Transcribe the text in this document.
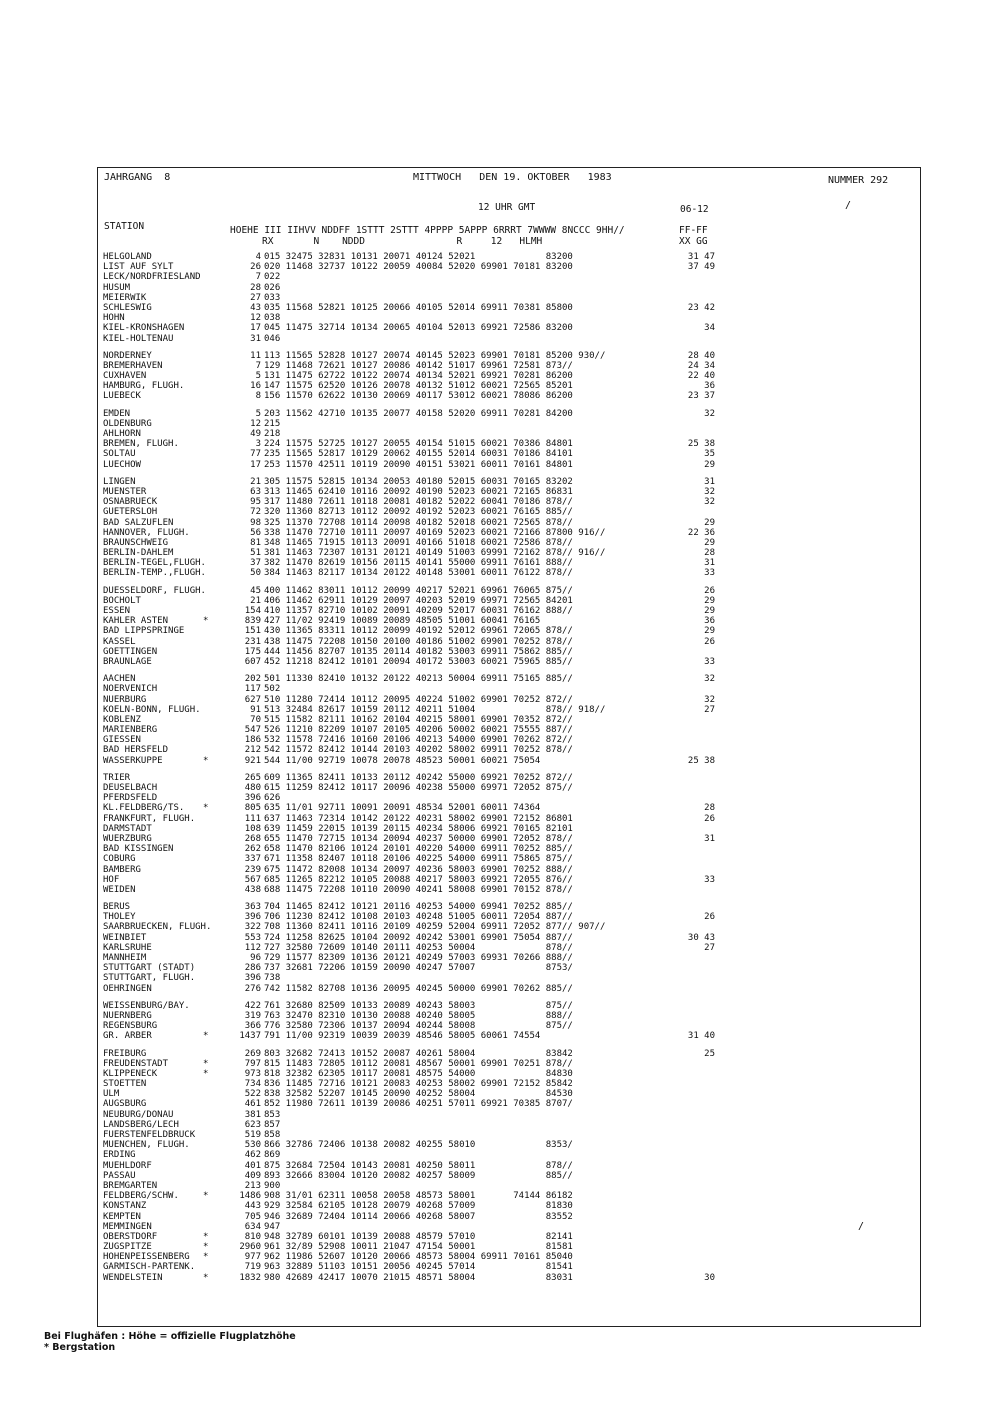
JAHRGANG  8	MITTWOCH   DEN 19. OKTOBER   1983	NUMMER 292
12 UHR GMT	06-12
STATION	HOEHE III IIHVV NDDFF 1STTT 2STTT 4PPPP 5APPP 6RRRT 7WWWW 8NCCC 9HH//
RX       N    NDDD                R     12   HLMH
FF-FF
XX GG
HELGOLAND	4 015 32475 32831 10131 20071 40124 52021             83200	31 47
LIST AUF SYLT	26 020 11468 32737 10122 20059 40084 52020 69901 70181 83200	37 49
LECK/NORDFRIESLAND	7 022
HUSUM	28 026
MEIERWIK	27 033
SCHLESWIG	43 035 11568 52821 10125 20066 40105 52014 69911 70381 85800	23 42
HOHN	12 038
KIEL-KRONSHAGEN	17 045 11475 32714 10134 20065 40104 52013 69921 72586 83200	34
KIEL-HOLTENAU	31 046
NORDERNEY	11 113 11565 52828 10127 20074 40145 52023 69901 70181 85200 930//	28 40
BREMERHAVEN	7 129 11468 72621 10127 20086 40142 51017 69961 72581 873//	24 34
CUXHAVEN	5 131 11475 62722 10122 20074 40134 52021 69921 70281 86200	22 40
HAMBURG, FLUGH.	16 147 11575 62520 10126 20078 40132 51012 60021 72565 85201	36
LUEBECK	8 156 11570 62622 10130 20069 40117 53012 60021 78086 86200	23 37
EMDEN	5 203 11562 42710 10135 20077 40158 52020 69911 70281 84200	32
OLDENBURG	12 215
AHLHORN	49 218
BREMEN, FLUGH.	3 224 11575 52725 10127 20055 40154 51015 60021 70386 84801	25 38
SOLTAU	77 235 11565 52817 10129 20062 40155 52014 60031 70186 84101	35
LUECHOW	17 253 11570 42511 10119 20090 40151 53021 60011 70161 84801	29
LINGEN	21 305 11575 52815 10134 20053 40180 52015 60031 70165 83202	31
MUENSTER	63 313 11465 62410 10116 20092 40190 52023 60021 72165 86831	32
OSNABRUECK	95 317 11480 72611 10118 20081 40182 52022 60041 70186 878//	32
GUETERSLOH	72 320 11360 82713 10112 20092 40192 52023 60021 76165 885//
BAD SALZUFLEN	98 325 11370 72708 10114 20098 40182 52018 60021 72565 878//	29
HANNOVER, FLUGH.	56 338 11470 72710 10111 20097 40169 52023 60021 72166 87800 916//	22 36
BRAUNSCHWEIG	81 348 11465 71915 10113 20091 40166 51018 60021 72586 878//	29
BERLIN-DAHLEM	51 381 11463 72307 10131 20121 40149 51003 69991 72162 878// 916//	28
BERLIN-TEGEL,FLUGH.	37 382 11470 82619 10156 20115 40141 55000 69911 76161 888//	31
BERLIN-TEMP.,FLUGH.	50 384 11463 82117 10134 20122 40148 53001 60011 76122 878//	33
DUESSELDORF, FLUGH.	45 400 11462 83011 10112 20099 40217 52021 69961 76065 875//	26
BOCHOLT	21 406 11462 62911 10129 20097 40203 52019 69971 72565 84201	29
ESSEN	154 410 11357 82710 10102 20091 40209 52017 60031 76162 888//	29
KAHLER ASTEN	*	839 427 11/02 92419 10089 20089 48505 51001 60041 76165	36
BAD LIPPSPRINGE	151 430 11365 83311 10112 20099 40192 52012 69961 72065 878//	29
KASSEL	231 438 11475 72208 10150 20100 40186 51002 69901 70252 878//	26
GOETTINGEN	175 444 11456 82707 10135 20114 40182 53003 69911 75862 885//
BRAUNLAGE	607 452 11218 82412 10101 20094 40172 53003 60021 75965 885//	33
AACHEN	202 501 11330 82410 10132 20122 40213 50004 69911 75165 885//	32
NOERVENICH	117 502
NUERBURG	627 510 11280 72414 10112 20095 40224 51002 69901 70252 872//	32
KOELN-BONN, FLUGH.	91 513 32484 82617 10159 20112 40211 51004             878// 918//	27
KOBLENZ	70 515 11582 82111 10162 20104 40215 58001 69901 70352 872//
MARIENBERG	547 526 11210 82209 10107 20105 40206 50002 60021 75555 887//
GIESSEN	186 532 11578 72416 10160 20106 40213 54000 69901 70262 872//
BAD HERSFELD	212 542 11572 82412 10144 20103 40202 58002 69911 70252 878//
WASSERKUPPE	*	921 544 11/00 92719 10078 20078 48523 50001 60021 75054	25 38
TRIER	265 609 11365 82411 10133 20112 40242 55000 69921 70252 872//
DEUSELBACH	480 615 11259 82412 10117 20096 40238 55000 69971 72052 875//
PFERDSFELD	396 626
KL.FELDBERG/TS. *	805 635 11/01 92711 10091 20091 48534 52001 60011 74364	28
FRANKFURT, FLUGH.	111 637 11463 72314 10142 20122 40231 58002 69901 72152 86801	26
DARMSTADT	108 639 11459 22015 10139 20115 40234 58006 69921 70165 82101
WUERZBURG	268 655 11470 72715 10134 20094 40237 50000 69901 72052 878//	31
BAD KISSINGEN	262 658 11470 82106 10124 20101 40220 54000 69911 70252 885//
COBURG	337 671 11358 82407 10118 20106 40225 54000 69911 75865 875//
BAMBERG	239 675 11472 82008 10134 20097 40236 58003 69901 70252 888//
HOF	567 685 11265 82212 10105 20088 40217 58003 69921 72055 876//	33
WEIDEN	438 688 11475 72208 10110 20090 40241 58008 69901 70152 878//
BERUS	363 704 11465 82412 10121 20116 40253 54000 69941 70252 885//
THOLEY	396 706 11230 82412 10108 20103 40248 51005 60011 72054 887//	26
SAARBRUECKEN, FLUGH.	322 708 11360 82411 10116 20109 40259 52004 69911 72052 877// 907//
WEINBIET	553 724 11258 82625 10104 20092 40242 53001 69901 75054 887//	30 43
KARLSRUHE	112 727 32580 72609 10140 20111 40253 50004             878//	27
MANNHEIM	96 729 11577 82309 10136 20121 40249 57003 69931 70266 888//
STUTTGART (STADT)	286 737 32681 72206 10159 20090 40247 57007             8753/
STUTTGART, FLUGH.	396 738
OEHRINGEN	276 742 11582 82708 10136 20095 40245 50000 69901 70262 885//
WEISSENBURG/BAY.	422 761 32680 82509 10133 20089 40243 58003             875//
NUERNBERG	319 763 32470 82310 10130 20088 40240 58005             888//
REGENSBURG	366 776 32580 72306 10137 20094 40244 58008             875//
GR. ARBER	*	1437 791 11/00 92319 10039 20039 48546 58005 60061 74554	31 40
FREIBURG	269 803 32682 72413 10152 20087 40261 58004             83842	25
FREUDENSTADT	*	797 815 11483 72805 10112 20081 48567 50001 69901 70251 878//
KLIPPENECK	*	973 818 32382 62305 10117 20081 48575 54000             84830
STOETTEN	734 836 11485 72716 10121 20083 40253 58002 69901 72152 85842
ULM	522 838 32582 52207 10145 20090 40252 58004             84530
AUGSBURG	461 852 11980 72611 10139 20086 40251 57011 69921 70385 8707/
NEUBURG/DONAU	381 853
LANDSBERG/LECH	623 857
FUERSTENFELDBRUCK	519 858
MUENCHEN, FLUGH.	530 866 32786 72406 10138 20082 40255 58010             8353/
ERDING	462 869
MUEHLDORF	401 875 32684 72504 10143 20081 40250 58011             878//
PASSAU	409 893 32666 83004 10120 20082 40257 58009             885//
BREMGARTEN	213 900
FELDBERG/SCHW.	*	1486 908 31/01 62311 10058 20058 48573 58001       74144 86182
KONSTANZ	443 929 32584 62105 10128 20079 40268 57009             81830
KEMPTEN	705 946 32689 72404 10114 20066 40268 58007             83552
MEMMINGEN	634 947
OBERSTDORF	*	810 948 32789 60101 10139 20088 48579 57010             82141
ZUGSPITZE	*	2960 961 32/89 52908 10011 21047 47154 50001             81581
HOHENPEISSENBERG *	977 962 11986 52607 10120 20066 48573 58004 69911 70161 85040
GARMISCH-PARTENK.	719 963 32889 51103 10151 20056 40245 57014             81541
WENDELSTEIN	*	1832 980 42689 42417 10070 21015 48571 58004             83031	30
Bei Flughäfen : Höhe = offizielle Flugplatzhöhe
* Bergstation
/
/
